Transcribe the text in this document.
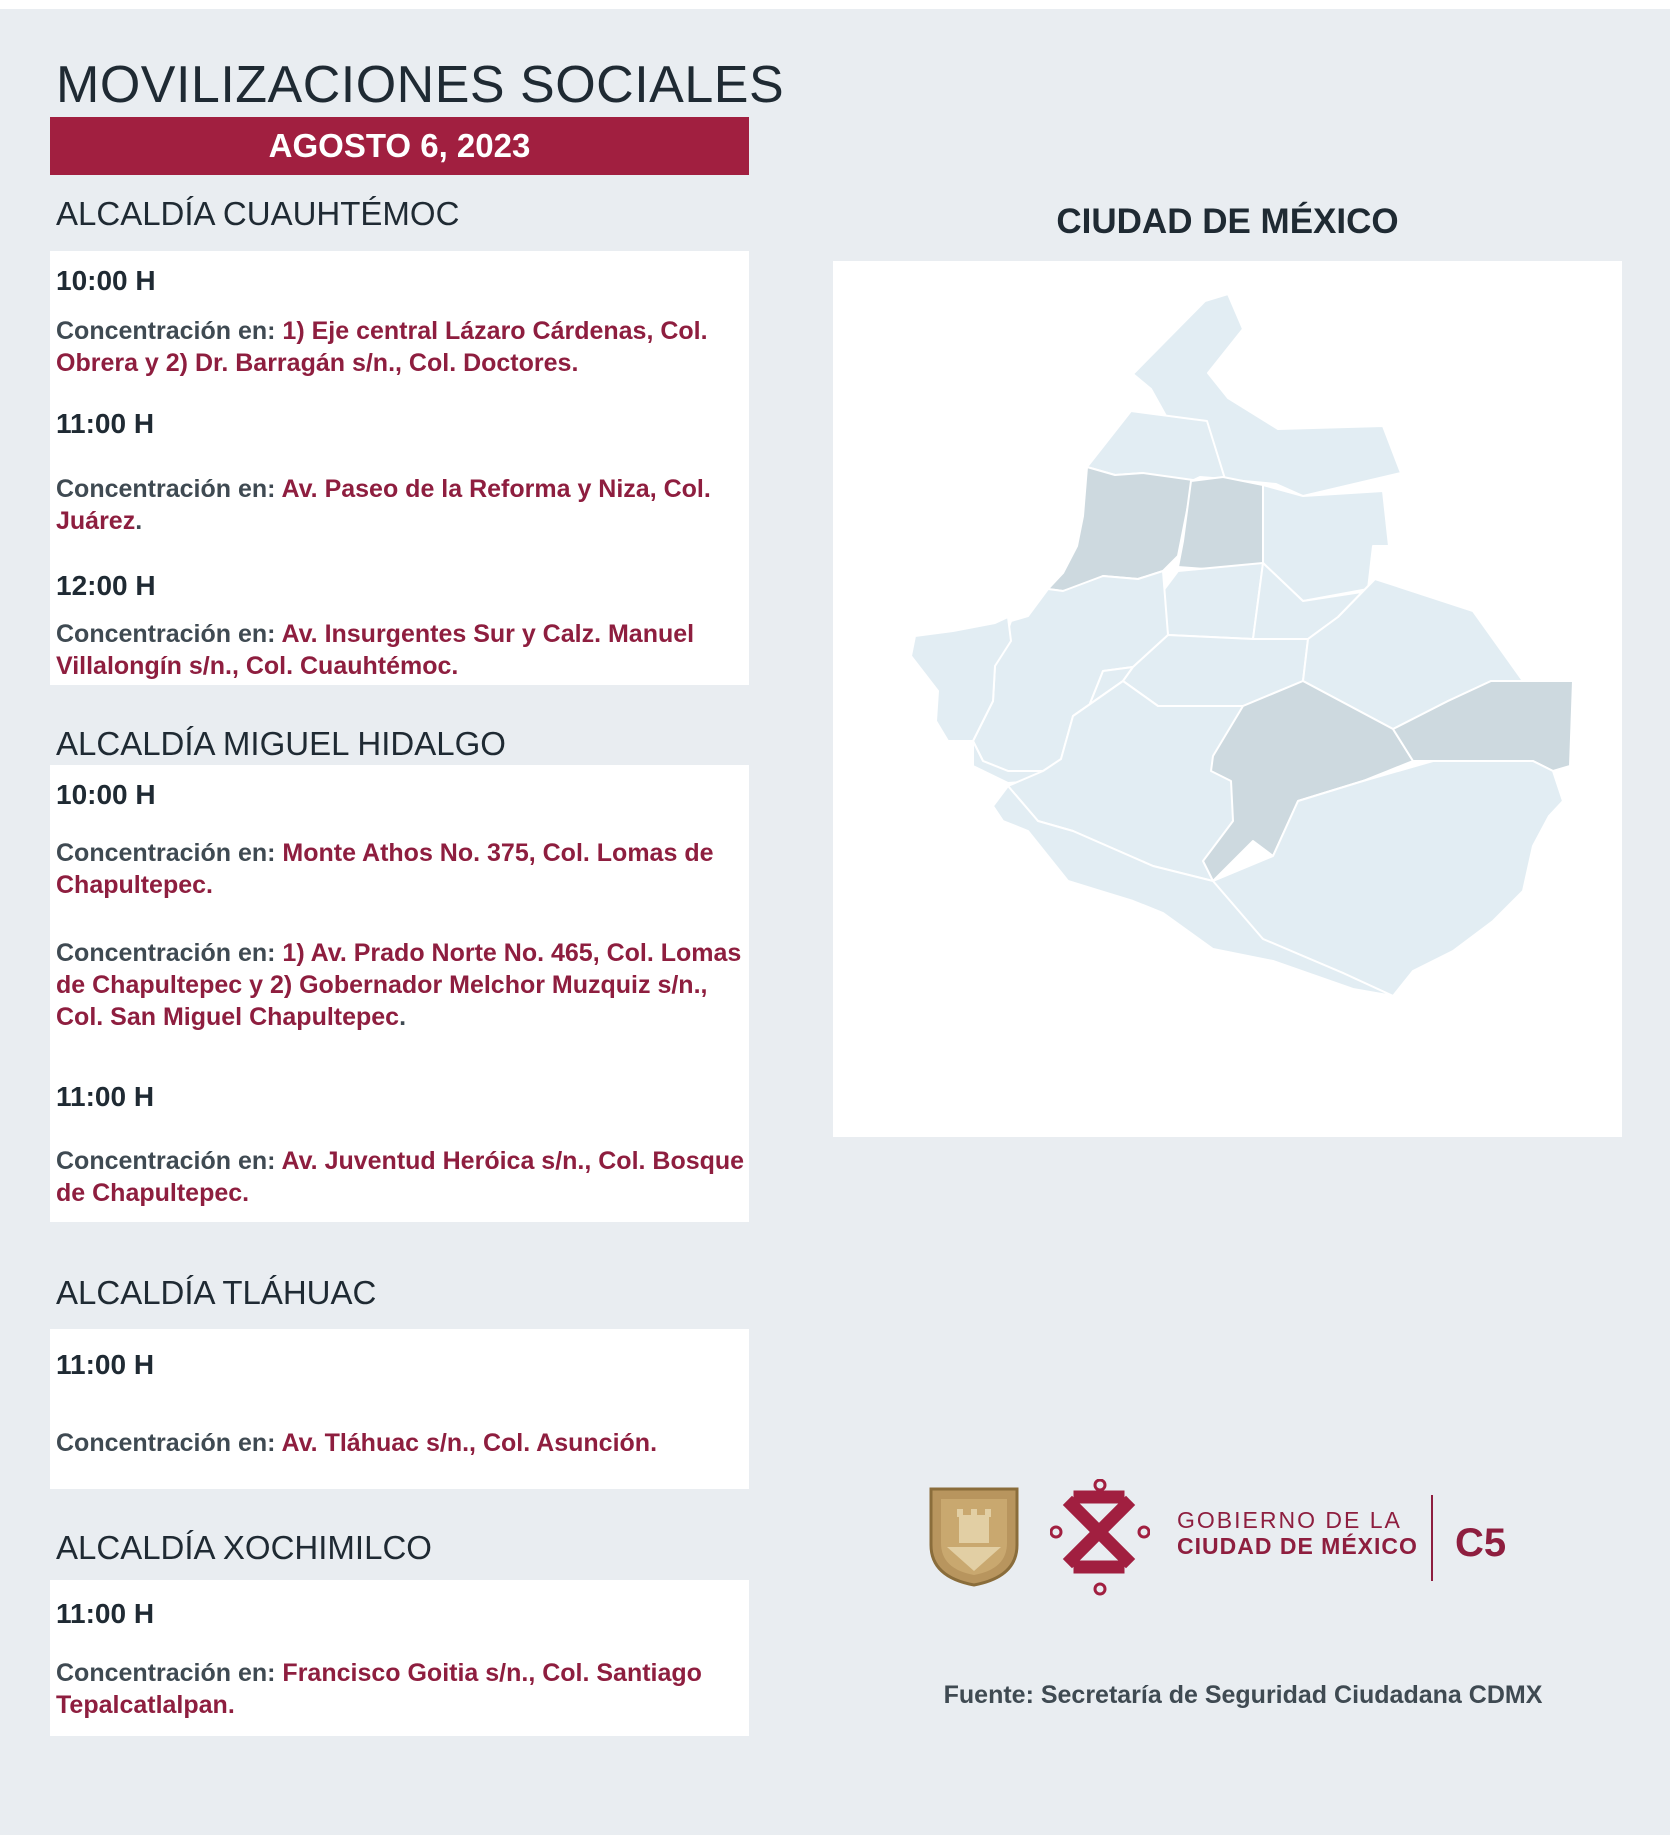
MOVILIZACIONES SOCIALES
AGOSTO 6, 2023
ALCALDÍA CUAUHTÉMOC
10:00 H
Concentración en: 1) Eje central Lázaro Cárdenas, Col. Obrera y 2) Dr. Barragán s/n., Col. Doctores.
11:00 H
Concentración en: Av. Paseo de la Reforma y Niza, Col. Juárez.
12:00 H
Concentración en: Av. Insurgentes Sur y Calz. Manuel Villalongín s/n., Col. Cuauhtémoc.
ALCALDÍA MIGUEL HIDALGO
10:00 H
Concentración en: Monte Athos No. 375, Col. Lomas de Chapultepec.
Concentración en: 1) Av. Prado Norte No. 465, Col. Lomas de Chapultepec y 2) Gobernador Melchor Muzquiz s/n., Col. San Miguel Chapultepec.
11:00 H
Concentración en: Av. Juventud Heróica s/n., Col. Bosque de Chapultepec.
ALCALDÍA TLÁHUAC
11:00 H
Concentración en: Av. Tláhuac s/n., Col. Asunción.
ALCALDÍA XOCHIMILCO
11:00 H
Concentración en: Francisco Goitia s/n., Col. Santiago Tepalcatlalpan.
CIUDAD DE MÉXICO
GOBIERNO DE LA
CIUDAD DE MÉXICO C5
Fuente: Secretaría de Seguridad Ciudadana CDMX
